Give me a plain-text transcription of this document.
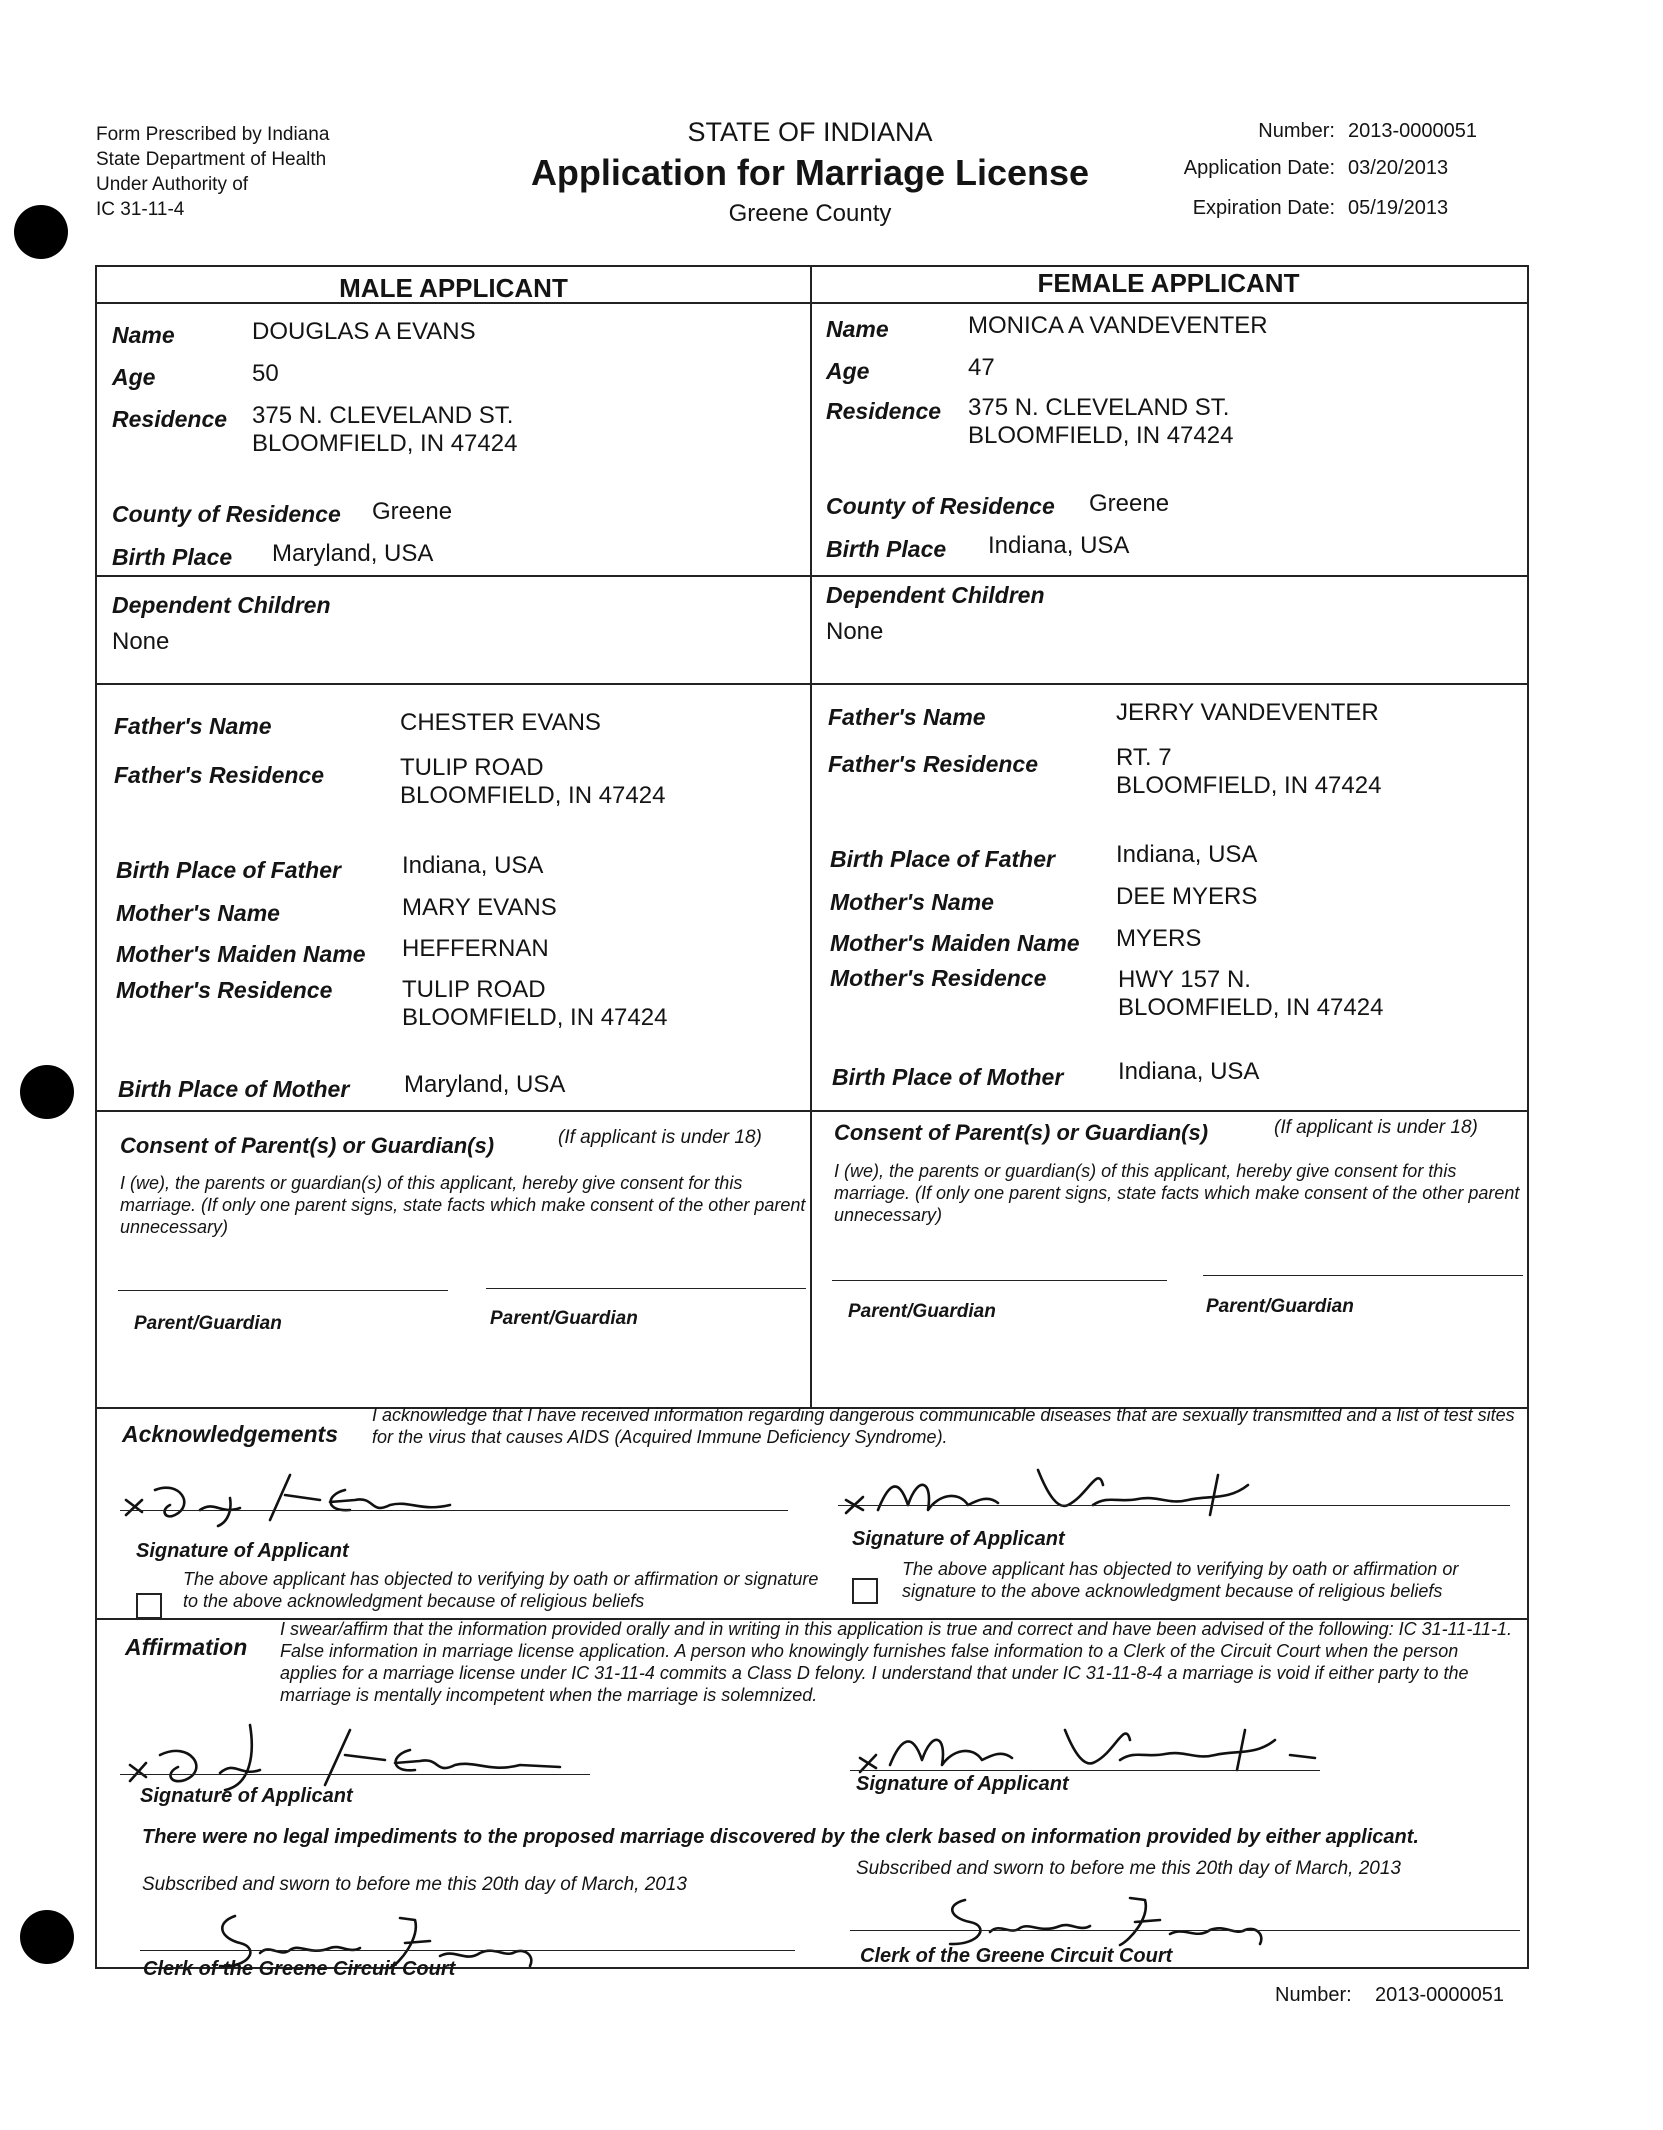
Form Prescribed by Indiana
State Department of Health
Under Authority of
IC 31-11-4
STATE OF INDIANA
Application for Marriage License
Greene County
Number: 2013-0000051
Application Date: 03/20/2013
Expiration Date: 05/19/2013
MALE APPLICANT	FEMALE APPLICANT
Name	DOUGLAS A EVANS
Age	50
Residence 375 N. CLEVELAND ST.
BLOOMFIELD, IN 47424
County of Residence Greene
Birth Place Maryland, USA
Dependent Children
None
Father's Name	CHESTER EVANS
Father's Residence	TULIP ROAD
BLOOMFIELD, IN 47424
Birth Place of Father	Indiana, USA
Mother's Name	MARY EVANS
Mother's Maiden Name HEFFERNAN
Mother's Residence	TULIP ROAD
BLOOMFIELD, IN 47424
Birth Place of Mother Maryland, USA
Name	MONICA A VANDEVENTER
Age	47
Residence 375 N. CLEVELAND ST.
BLOOMFIELD, IN 47424
County of Residence Greene
Birth Place Indiana, USA
Dependent Children
None
Father's Name	JERRY VANDEVENTER
Father's Residence	RT. 7
BLOOMFIELD, IN 47424
Birth Place of Father	Indiana, USA
Mother's Name	DEE MYERS
Mother's Maiden Name MYERS
Mother's Residence	HWY 157 N.
BLOOMFIELD, IN 47424
Birth Place of Mother Indiana, USA
Consent of Parent(s) or Guardian(s)	(If applicant is under 18)
I (we), the parents or guardian(s) of this applicant, hereby give consent for this marriage. (If only one parent signs, state facts which make consent of the other parent unnecessary)
Parent/Guardian	Parent/Guardian
Consent of Parent(s) or Guardian(s)	(If applicant is under 18)
I (we), the parents or guardian(s) of this applicant, hereby give consent for this marriage. (If only one parent signs, state facts which make consent of the other parent unnecessary)
Parent/Guardian	Parent/Guardian
Acknowledgements
I acknowledge that I have received information regarding dangerous communicable diseases that are sexually transmitted and a list of test sites for the virus that causes AIDS (Acquired Immune Deficiency Syndrome).
Signature of Applicant
The above applicant has objected to verifying by oath or affirmation or signature to the above acknowledgment because of religious beliefs
Signature of Applicant
The above applicant has objected to verifying by oath or affirmation or signature to the above acknowledgment because of religious beliefs
Affirmation
I swear/affirm that the information provided orally and in writing in this application is true and correct and have been advised of the following: IC 31-11-11-1. False information in marriage license application. A person who knowingly furnishes false information to a Clerk of the Circuit Court when the person applies for a marriage license under IC 31-11-4 commits a Class D felony. I understand that under IC 31-11-8-4 a marriage is void if either party to the marriage is mentally incompetent when the marriage is solemnized.
Signature of Applicant
Signature of Applicant
There were no legal impediments to the proposed marriage discovered by the clerk based on information provided by either applicant.
Subscribed and sworn to before me this 20th day of March, 2013
Subscribed and sworn to before me this 20th day of March, 2013
Clerk of the Greene Circuit Court
Clerk of the Greene Circuit Court
Number: 2013-0000051
